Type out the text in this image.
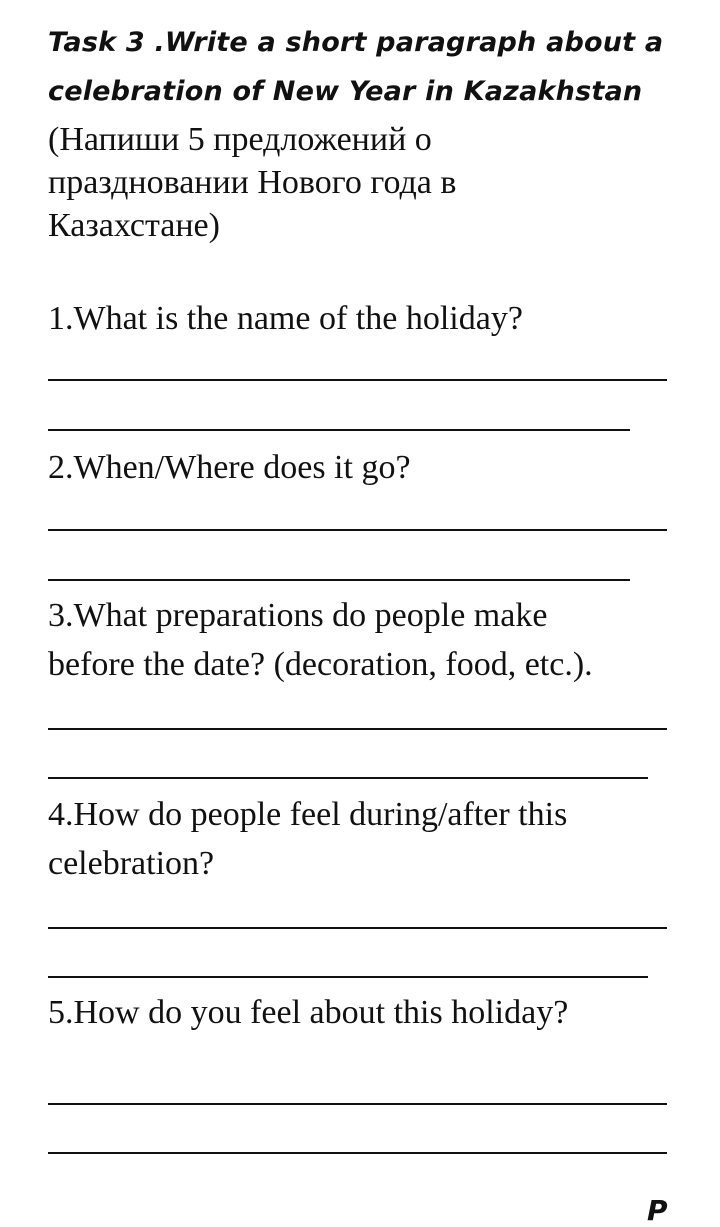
Task 3 .Write a short paragraph about a
celebration of New Year in Kazakhstan
(Напиши 5 предложений о
праздновании Нового года в
Казахстане)
1.What is the name of the holiday?
2.When/Where does it go?
3.What preparations do people make
before the date? (decoration, food, etc.).
4.How do people feel during/after this
celebration?
5.How do you feel about this holiday?
P
